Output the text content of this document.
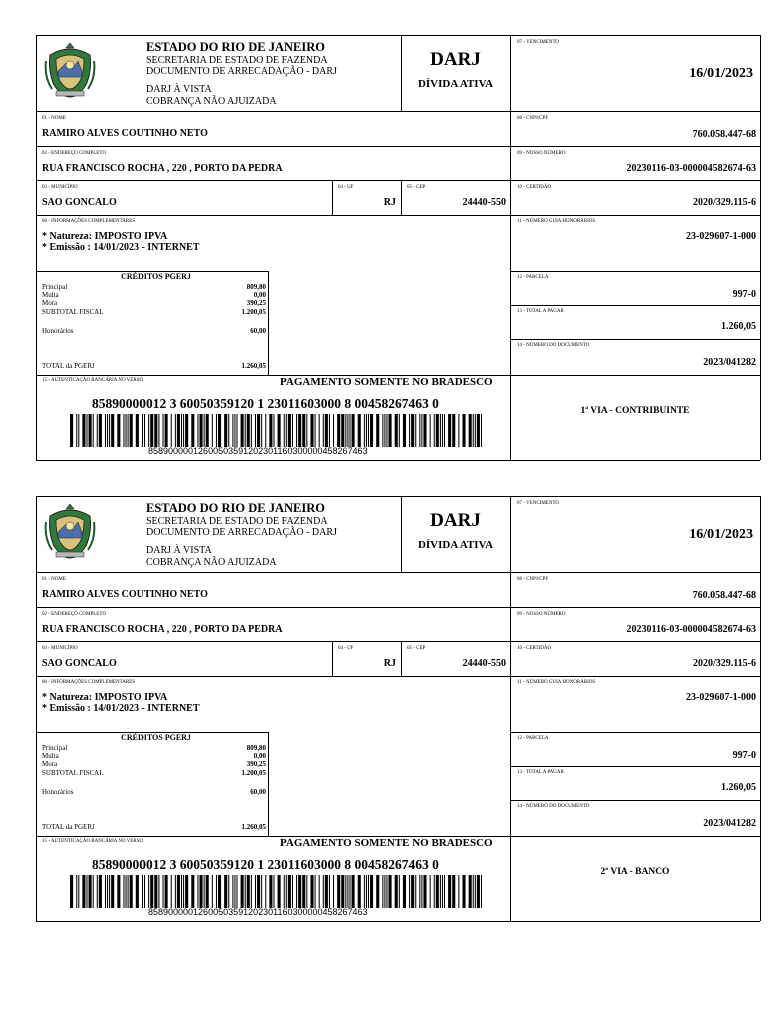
ESTADO DO RIO DE JANEIRO
SECRETARIA DE ESTADO DE FAZENDA
DOCUMENTO DE ARRECADAÇÃO - DARJ
DARJ À VISTA
COBRANÇA NÃO AJUIZADA
DARJ
DÍVIDA ATIVA
07 - VENCIMENTO
16/01/2023
01 - NOME
RAMIRO ALVES COUTINHO NETO
08 - CNPJ/CPF
760.058.447-68
02 - ENDEREÇO COMPLETO
RUA FRANCISCO ROCHA , 220 , PORTO DA PEDRA
09 - NOSSO NÚMERO
20230116-03-000004582674-63
03 - MUNICÍPIO
SAO GONCALO
04 - UF
RJ
05 - CEP
24440-550
10 - CERTIDÃO
2020/329.115-6
06 - INFORMAÇÕES COMPLEMENTARES
* Natureza: IMPOSTO IPVA
* Emissão : 14/01/2023 - INTERNET
11 - NÚMERO GUIA HONORÁRIOS
23-029607-1-000
CRÉDITOS PGERJ
Principal	809,80
Multa	0,00
Mora	390,25
SUBTOTAL FISCAL	1.200,05
Honorários	60,00
TOTAL da PGERJ	1.260,05
12 - PARCELA
997-0
13 - TOTAL A PAGAR
1.260,05
14 - NÚMERO DO DOCUMENTO
2023/041282
15 - AUTENTICAÇÃO BANCÁRIA NO VERSO	PAGAMENTO SOMENTE NO BRADESCO
85890000012 3 60050359120 1 23011603000 8 00458267463 0
85890000012600503591202301160300000458267463
1ª VIA - CONTRIBUINTE
ESTADO DO RIO DE JANEIRO
SECRETARIA DE ESTADO DE FAZENDA
DOCUMENTO DE ARRECADAÇÃO - DARJ
DARJ À VISTA
COBRANÇA NÃO AJUIZADA
DARJ
DÍVIDA ATIVA
07 - VENCIMENTO
16/01/2023
01 - NOME
RAMIRO ALVES COUTINHO NETO
08 - CNPJ/CPF
760.058.447-68
02 - ENDEREÇO COMPLETO
RUA FRANCISCO ROCHA , 220 , PORTO DA PEDRA
09 - NOSSO NÚMERO
20230116-03-000004582674-63
03 - MUNICÍPIO
SAO GONCALO
04 - UF
RJ
05 - CEP
24440-550
10 - CERTIDÃO
2020/329.115-6
06 - INFORMAÇÕES COMPLEMENTARES
* Natureza: IMPOSTO IPVA
* Emissão : 14/01/2023 - INTERNET
11 - NÚMERO GUIA HONORÁRIOS
23-029607-1-000
CRÉDITOS PGERJ
Principal	809,80
Multa	0,00
Mora	390,25
SUBTOTAL FISCAL	1.200,05
Honorários	60,00
TOTAL da PGERJ	1.260,05
12 - PARCELA
997-0
13 - TOTAL A PAGAR
1.260,05
14 - NÚMERO DO DOCUMENTO
2023/041282
15 - AUTENTICAÇÃO BANCÁRIA NO VERSO	PAGAMENTO SOMENTE NO BRADESCO
85890000012 3 60050359120 1 23011603000 8 00458267463 0
85890000012600503591202301160300000458267463
2ª VIA - BANCO
